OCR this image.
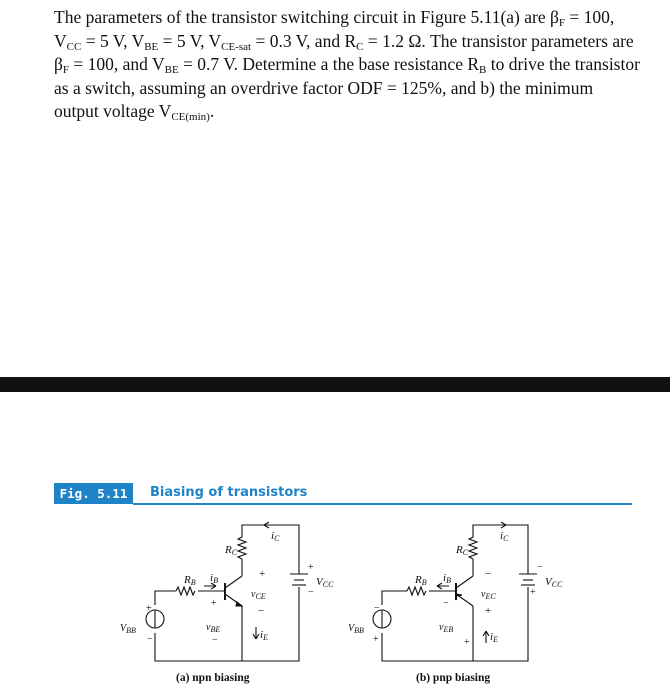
The parameters of the transistor switching circuit in Figure 5.11(a) are $\beta_F = 100$,

$V_{CC} = 5$ V, $V_{BE} = 5$ V, $V_{CE-sat} = 0.3$ V, and $R_C = 1.2$ Ω. The transistor parameters are

$\beta_F = 100$, and $V_{BE} = 0.7$ V. Determine a the base resistance $R_B$ to drive the transistor

as a switch, assuming an overdrive factor ODF = 125%, and b) the minimum

output voltage $V_{CE(min)}$.

Fig. 5.11	Biasing of transistors
iC
RC
RB iB
+
$v_{CE}$
−
+
$v_{BE}$
−	iE
$V_{BB}$
+
−
+
VCC
−
(a) npn biasing
iC
RC
RB iB
−
$v_{EC}$
+
−
$v_{EB}$
+ iE
$V_{BB}$
−
+
−
VCC
+
(b) pnp biasing
